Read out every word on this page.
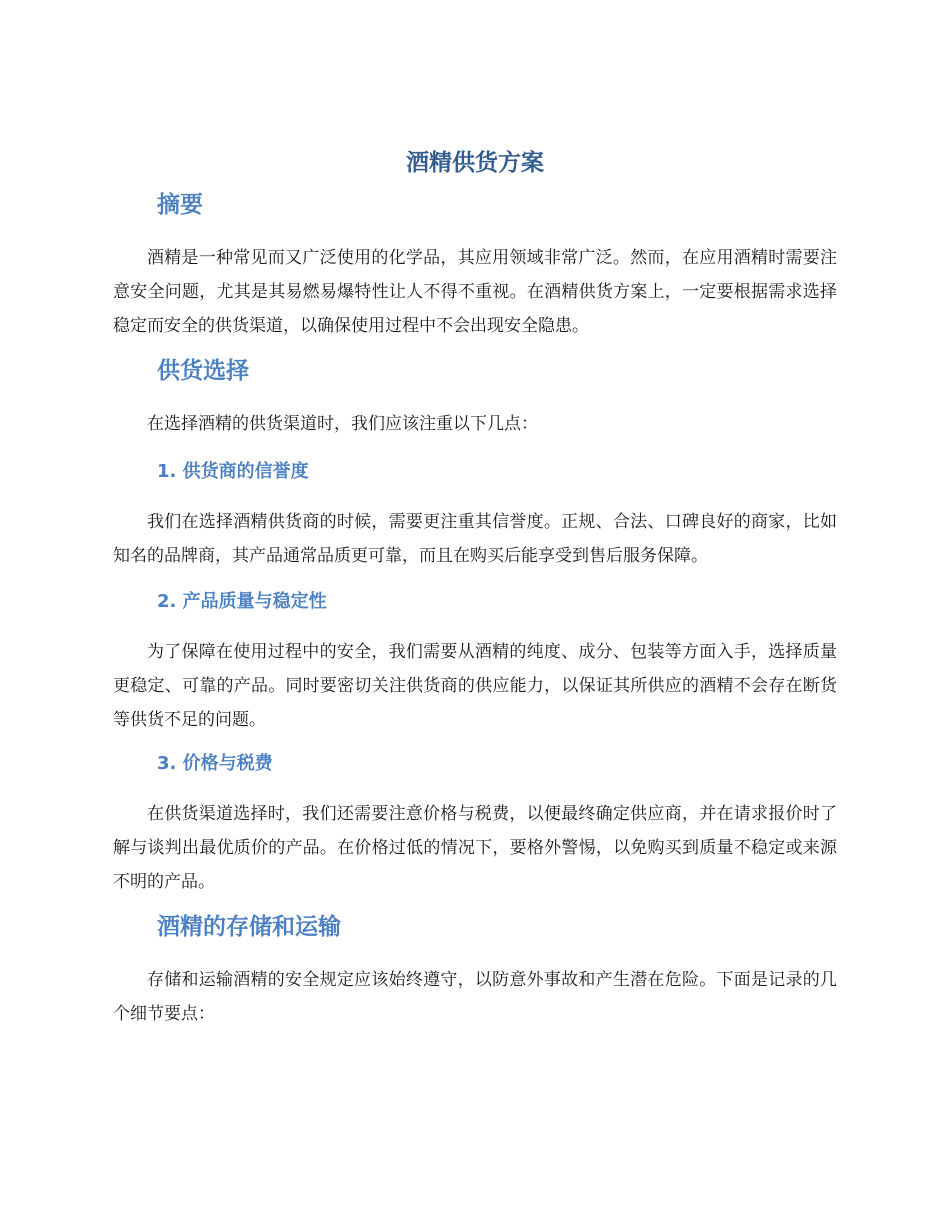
酒精供货方案
摘要

酒精是一种常见而又广泛使用的化学品，其应用领域非常广泛。然而，在应用酒精时需要注意安全问题，尤其是其易燃易爆特性让人不得不重视。在酒精供货方案上，一定要根据需求选择稳定而安全的供货渠道，以确保使用过程中不会出现安全隐患。

供货选择

在选择酒精的供货渠道时，我们应该注重以下几点：

1. 供货商的信誉度

我们在选择酒精供货商的时候，需要更注重其信誉度。正规、合法、口碑良好的商家，比如知名的品牌商，其产品通常品质更可靠，而且在购买后能享受到售后服务保障。

2. 产品质量与稳定性

为了保障在使用过程中的安全，我们需要从酒精的纯度、成分、包装等方面入手，选择质量更稳定、可靠的产品。同时要密切关注供货商的供应能力，以保证其所供应的酒精不会存在断货等供货不足的问题。

3. 价格与税费

在供货渠道选择时，我们还需要注意价格与税费，以便最终确定供应商，并在请求报价时了解与谈判出最优质价的产品。在价格过低的情况下，要格外警惕，以免购买到质量不稳定或来源不明的产品。

酒精的存储和运输

存储和运输酒精的安全规定应该始终遵守，以防意外事故和产生潜在危险。下面是记录的几个细节要点：
